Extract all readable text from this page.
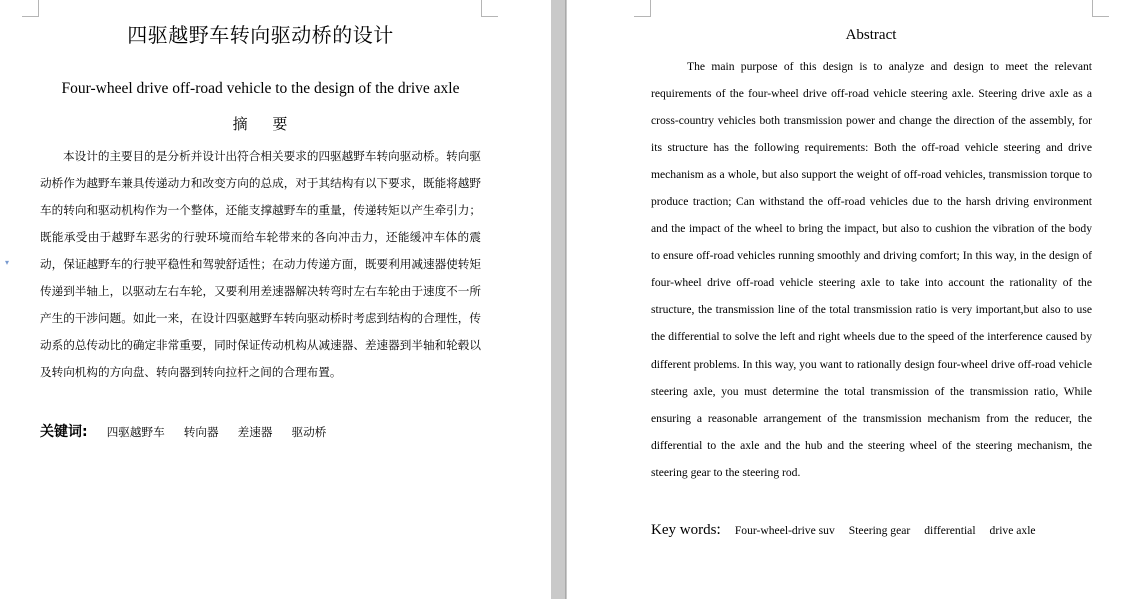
▾
四驱越野车转向驱动桥的设计
Four-wheel drive off-road vehicle to the design of the drive axle
摘 要

本设计的主要目的是分析并设计出符合相关要求的四驱越野车转向驱动桥。转向驱动桥作为越野车兼具传递动力和改变方向的总成，对于其结构有以下要求，既能将越野车的转向和驱动机构作为一个整体，还能支撑越野车的重量，传递转矩以产生牵引力；既能承受由于越野车恶劣的行驶环境而给车轮带来的各向冲击力，还能缓冲车体的震动，保证越野车的行驶平稳性和驾驶舒适性；在动力传递方面，既要利用减速器使转矩传递到半轴上，以驱动左右车轮，又要利用差速器解决转弯时左右车轮由于速度不一所产生的干涉问题。如此一来，在设计四驱越野车转向驱动桥时考虑到结构的合理性，传动系的总传动比的确定非常重要，同时保证传动机构从减速器、差速器到半轴和轮毂以及转向机构的方向盘、转向器到转向拉杆之间的合理布置。

关键词: 四驱越野车 转向器 差速器 驱动桥
Abstract

The main purpose of this design is to analyze and design to meet the relevant requirements of the four-wheel drive off-road vehicle steering axle. Steering drive axle as a cross-country vehicles both transmission power and change the direction of the assembly, for its structure has the following requirements: Both the off-road vehicle steering and drive mechanism as a whole, but also support the weight of off-road vehicles, transmission torque to produce traction; Can withstand the off-road vehicles due to the harsh driving environment and the impact of the wheel to bring the impact, but also to cushion the vibration of the body to ensure off-road vehicles running smoothly and driving comfort; In this way, in the design of four-wheel drive off-road vehicle steering axle to take into account the rationality of the structure, the transmission line of the total transmission ratio is very important,but also to use the differential to solve the left and right wheels due to the speed of the interference caused by different problems. In this way, you want to rationally design four-wheel drive off-road vehicle steering axle, you must determine the total transmission of the transmission ratio, While ensuring a reasonable arrangement of the transmission mechanism from the reducer, the differential to the axle and the hub and the steering wheel of the steering mechanism, the steering gear to the steering rod.

Key words: Four-wheel-drive suv Steering gear differential drive axle
